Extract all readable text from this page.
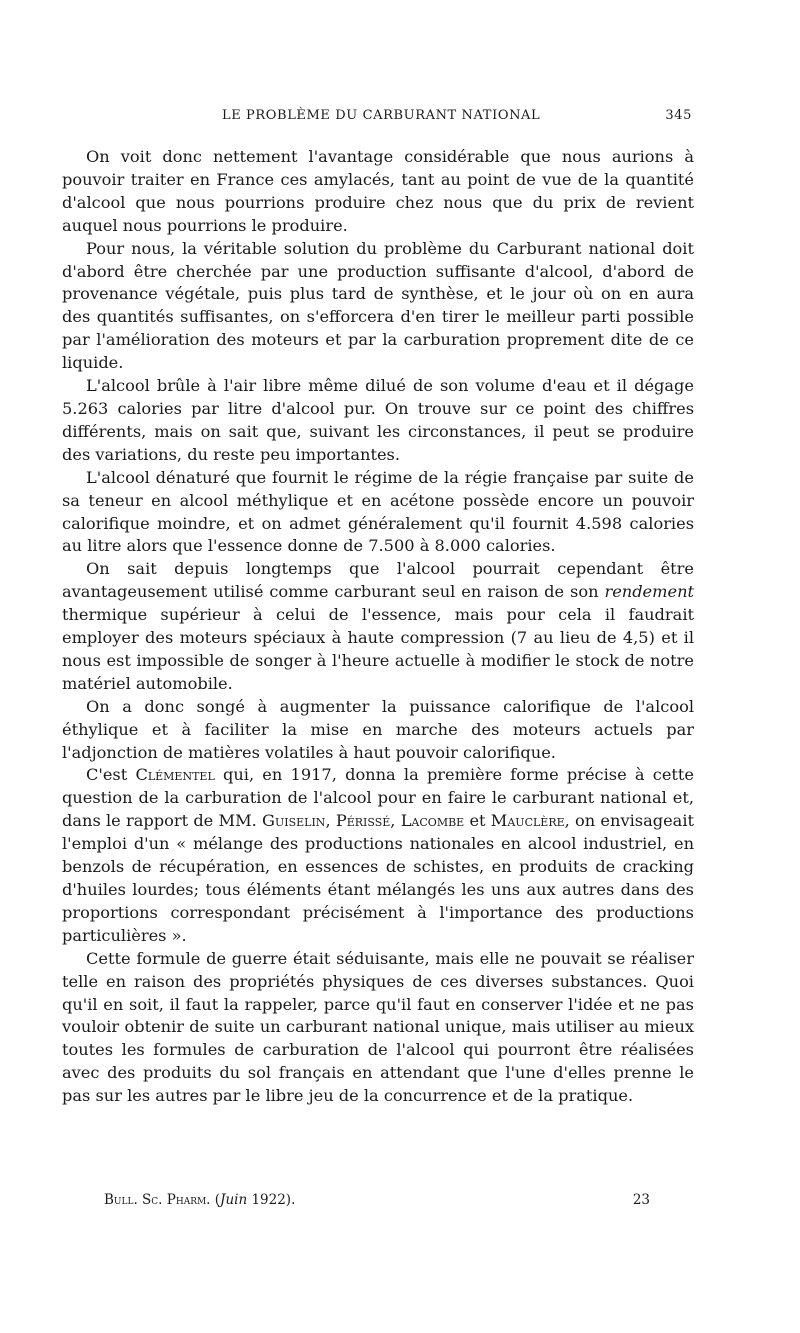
LE PROBLÈME DU CARBURANT NATIONAL	345

On voit donc nettement l'avantage considérable que nous aurions à pouvoir traiter en France ces amylacés, tant au point de vue de la quantité d'alcool que nous pourrions produire chez nous que du prix de revient auquel nous pourrions le produire.

Pour nous, la véritable solution du problème du Carburant national doit d'abord être cherchée par une production suffisante d'alcool, d'abord de provenance végétale, puis plus tard de synthèse, et le jour où on en aura des quantités suffisantes, on s'efforcera d'en tirer le meilleur parti possible par l'amélioration des moteurs et par la carburation proprement dite de ce liquide.

L'alcool brûle à l'air libre même dilué de son volume d'eau et il dégage 5.263 calories par litre d'alcool pur. On trouve sur ce point des chiffres différents, mais on sait que, suivant les circonstances, il peut se produire des variations, du reste peu importantes.

L'alcool dénaturé que fournit le régime de la régie française par suite de sa teneur en alcool méthylique et en acétone possède encore un pouvoir calorifique moindre, et on admet généralement qu'il fournit 4.598 calories au litre alors que l'essence donne de 7.500 à 8.000 calories.

On sait depuis longtemps que l'alcool pourrait cependant être avantageusement utilisé comme carburant seul en raison de son rendement thermique supérieur à celui de l'essence, mais pour cela il faudrait employer des moteurs spéciaux à haute compression (7 au lieu de 4,5) et il nous est impossible de songer à l'heure actuelle à modifier le stock de notre matériel automobile.

On a donc songé à augmenter la puissance calorifique de l'alcool éthylique et à faciliter la mise en marche des moteurs actuels par l'adjonction de matières volatiles à haut pouvoir calorifique.

C'est Clémentel qui, en 1917, donna la première forme précise à cette question de la carburation de l'alcool pour en faire le carburant national et, dans le rapport de MM. Guiselin, Périssé, Lacombe et Mauclère, on envisageait l'emploi d'un « mélange des productions nationales en alcool industriel, en benzols de récupération, en essences de schistes, en produits de cracking d'huiles lourdes; tous éléments étant mélangés les uns aux autres dans des proportions correspondant précisément à l'importance des productions particulières ».

Cette formule de guerre était séduisante, mais elle ne pouvait se réaliser telle en raison des propriétés physiques de ces diverses substances. Quoi qu'il en soit, il faut la rappeler, parce qu'il faut en conserver l'idée et ne pas vouloir obtenir de suite un carburant national unique, mais utiliser au mieux toutes les formules de carburation de l'alcool qui pourront être réalisées avec des produits du sol français en attendant que l'une d'elles prenne le pas sur les autres par le libre jeu de la concurrence et de la pratique.

Bull. Sc. Pharm. (Juin 1922).	23
